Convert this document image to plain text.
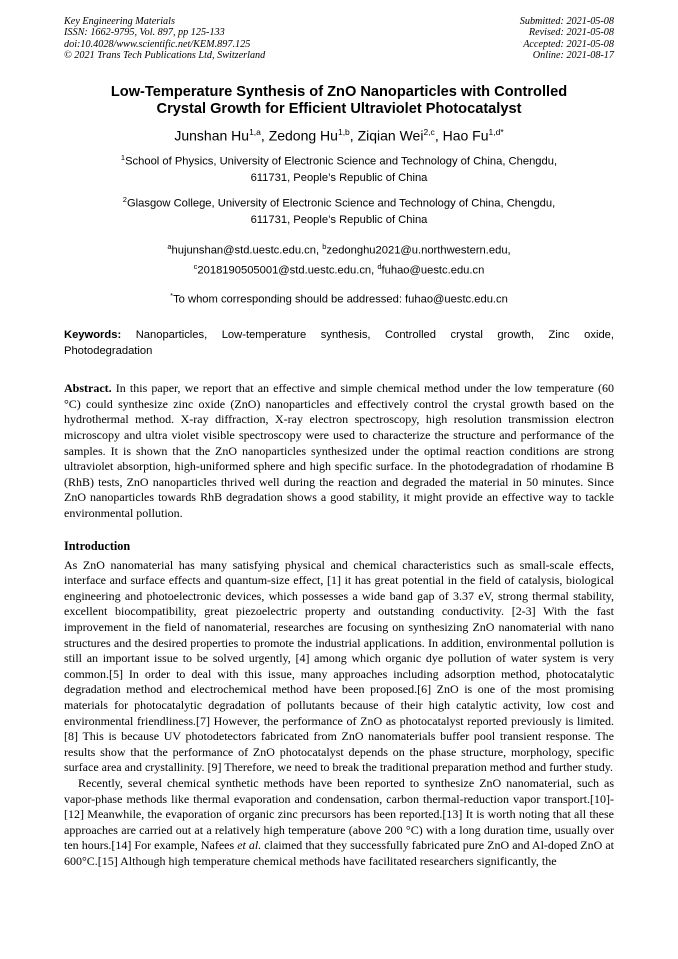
Key Engineering Materials
ISSN: 1662-9795, Vol. 897, pp 125-133
doi:10.4028/www.scientific.net/KEM.897.125
© 2021 Trans Tech Publications Ltd, Switzerland
Submitted: 2021-05-08
Revised: 2021-05-08
Accepted: 2021-05-08
Online: 2021-08-17
Low-Temperature Synthesis of ZnO Nanoparticles with Controlled
Crystal Growth for Efficient Ultraviolet Photocatalyst
Junshan Hu$^{1,a}$, Zedong Hu$^{1,b}$, Ziqian Wei$^{2,c}$, Hao $Fu^{1,d*}$
$^1$School of Physics, University of Electronic Science and Technology of China, Chengdu,
611731, People’s Republic of China
$^2$Glasgow College, University of Electronic Science and Technology of China, Chengdu,
611731, People’s Republic of China
$^a$hujunshan@std.uestc.edu.cn, $^b$zedonghu2021@u.northwestern.edu,
$^c$2018190505001@std.uestc.edu.cn, $^d$fuhao@uestc.edu.cn
*To whom corresponding should be addressed: fuhao@uestc.edu.cn
Keywords: Nanoparticles, Low-temperature synthesis, Controlled crystal growth, Zinc oxide, Photodegradation
Abstract. In this paper, we report that an effective and simple chemical method under the low temperature (60 °C) could synthesize zinc oxide (ZnO) nanoparticles and effectively control the crystal growth based on the hydrothermal method. X-ray diffraction, X-ray electron spectroscopy, high resolution transmission electron microscopy and ultra violet visible spectroscopy were used to characterize the structure and performance of the samples. It is shown that the ZnO nanoparticles synthesized under the optimal reaction conditions are strong ultraviolet absorption, high-uniformed sphere and high specific surface. In the photodegradation of rhodamine B (RhB) tests, ZnO nanoparticles thrived well during the reaction and degraded the material in 50 minutes. Since ZnO nanoparticles towards RhB degradation shows a good stability, it might provide an effective way to tackle environmental pollution.
Introduction

As ZnO nanomaterial has many satisfying physical and chemical characteristics such as small-scale effects, interface and surface effects and quantum-size effect, [1] it has great potential in the field of catalysis, biological engineering and photoelectronic devices, which possesses a wide band gap of 3.37 eV, strong thermal stability, excellent biocompatibility, great piezoelectric property and outstanding conductivity. [2-3] With the fast improvement in the field of nanomaterial, researches are focusing on synthesizing ZnO nanomaterial with nano structures and the desired properties to promote the industrial applications. In addition, environmental pollution is still an important issue to be solved urgently, [4] among which organic dye pollution of water system is very common.[5] In order to deal with this issue, many approaches including adsorption method, photocatalytic degradation method and electrochemical method have been proposed.[6] ZnO is one of the most promising materials for photocatalytic degradation of pollutants because of their high catalytic activity, low cost and environmental friendliness.[7] However, the performance of ZnO as photocatalyst reported previously is limited.[8] This is because UV photodetectors fabricated from ZnO nanomaterials buffer pool transient response. The results show that the performance of ZnO photocatalyst depends on the phase structure, morphology, specific surface area and crystallinity. [9] Therefore, we need to break the traditional preparation method and further study.

Recently, several chemical synthetic methods have been reported to synthesize ZnO nanomaterial, such as vapor-phase methods like thermal evaporation and condensation, carbon thermal-reduction vapor transport.[10]-[12] Meanwhile, the evaporation of organic zinc precursors has been reported.[13] It is worth noting that all these approaches are carried out at a relatively high temperature (above 200 °C) with a long duration time, usually over ten hours.[14] For example, Nafees et al. claimed that they successfully fabricated pure ZnO and Al-doped ZnO at 600°C.[15] Although high temperature chemical methods have facilitated researchers significantly, the
